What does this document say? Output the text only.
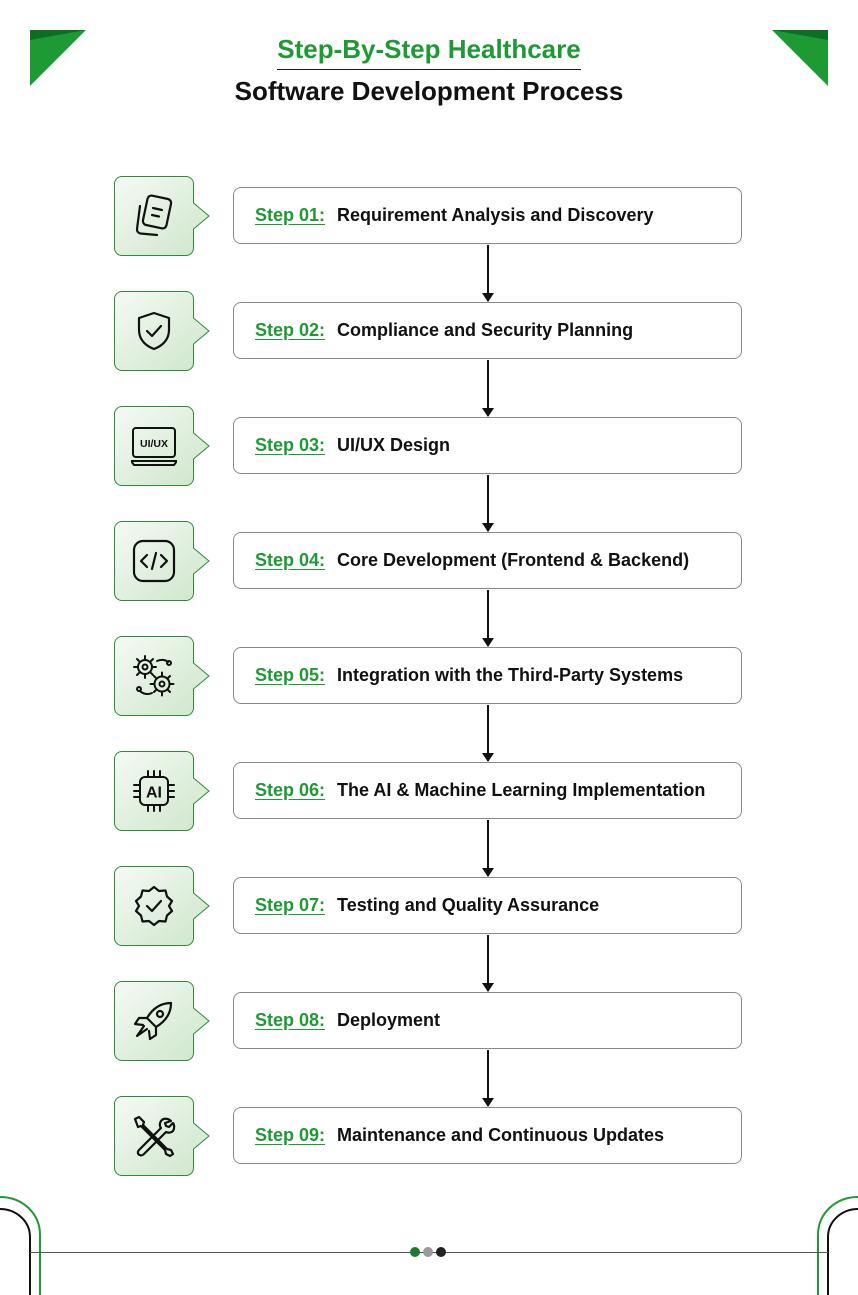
Step-By-Step Healthcare
Software Development Process
Step 01: Requirement Analysis and Discovery
Step 02: Compliance and Security Planning
UI/UX	Step 03: UI/UX Design
Step 04: Core Development (Frontend & Backend)
Step 05: Integration with the Third-Party Systems
AI	Step 06: The AI & Machine Learning Implementation
Step 07: Testing and Quality Assurance
Step 08: Deployment
Step 09: Maintenance and Continuous Updates
